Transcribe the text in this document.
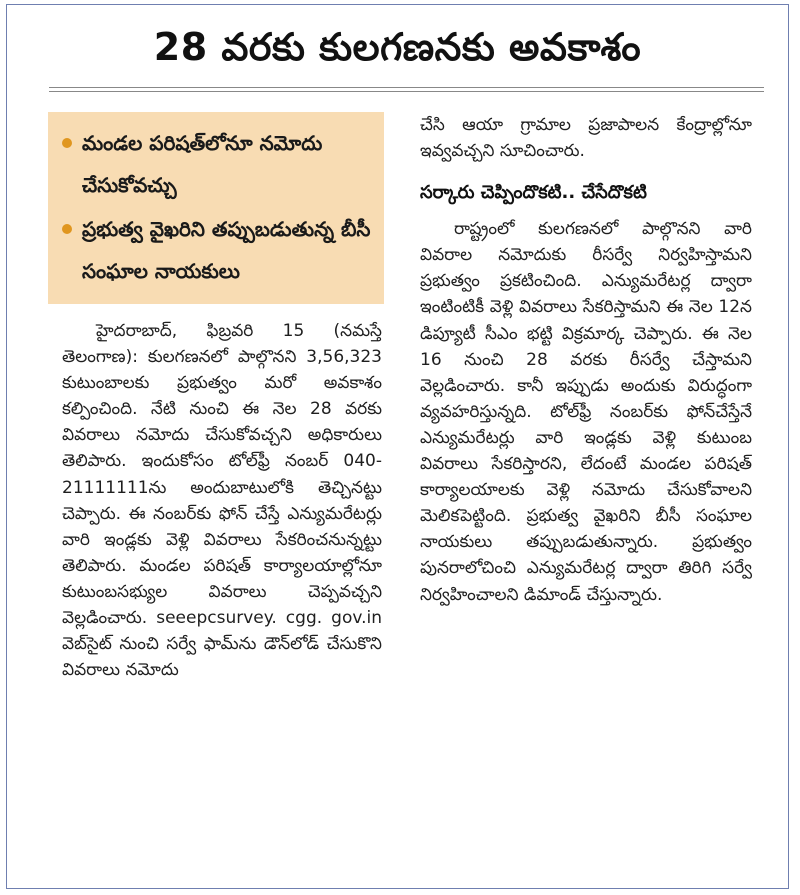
28 వరకు కులగణనకు అవకాశం
మండల పరిషత్‌లోనూ నమోదు చేసుకోవచ్చు
ప్రభుత్వ వైఖరిని తప్పుబడుతున్న బీసీ సంఘాల నాయకులు

హైదరాబాద్, ఫిబ్రవరి 15 (నమస్తే తెలంగాణ): కులగణనలో పాల్గొనని 3,56,323 కుటుంబాలకు ప్రభుత్వం మరో అవకాశం కల్పించింది. నేటి నుంచి ఈ నెల 28 వరకు వివరాలు నమోదు చేసుకోవచ్చని అధికారులు తెలిపారు. ఇందుకోసం టోల్‌ఫ్రీ నంబర్ 040-21111111ను అందుబాటులోకి తెచ్చినట్టు చెప్పారు. ఈ నంబర్‌కు ఫోన్ చేస్తే ఎన్యుమరేటర్లు వారి ఇండ్లకు వెళ్లి వివరాలు సేకరించనున్నట్టు తెలిపారు. మండల పరిషత్ కార్యాలయాల్లోనూ కుటుంబసభ్యుల వివరాలు చెప్పవచ్చని వెల్లడించారు. seeepcsurvey. cgg. gov.in వెబ్‌సైట్ నుంచి సర్వే ఫామ్‌ను డౌన్‌లోడ్ చేసుకొని వివరాలు నమోదు

చేసి ఆయా గ్రామాల ప్రజాపాలన కేంద్రాల్లోనూ ఇవ్వవచ్చని సూచించారు.

సర్కారు చెప్పిందొకటి.. చేసేదొకటి

రాష్ట్రంలో కులగణనలో పాల్గొనని వారి వివరాల నమోదుకు రీసర్వే నిర్వహిస్తామని ప్రభుత్వం ప్రకటించింది. ఎన్యుమరేటర్ల ద్వారా ఇంటింటికీ వెళ్లి వివరాలు సేకరిస్తామని ఈ నెల 12న డిప్యూటీ సీఎం భట్టి విక్రమార్క చెప్పారు. ఈ నెల 16 నుంచి 28 వరకు రీసర్వే చేస్తామని వెల్లడించారు. కానీ ఇప్పుడు అందుకు విరుద్ధంగా వ్యవహరిస్తున్నది. టోల్‌ఫ్రీ నంబర్‌కు ఫోన్‌చేస్తేనే ఎన్యుమరేటర్లు వారి ఇండ్లకు వెళ్లి కుటుంబ వివరాలు సేకరిస్తారని, లేదంటే మండల పరిషత్ కార్యాలయాలకు వెళ్లి నమోదు చేసుకోవాలని మెలికపెట్టింది. ప్రభుత్వ వైఖరిని బీసీ సంఘాల నాయకులు తప్పుబడుతున్నారు. ప్రభుత్వం పునరాలోచించి ఎన్యుమరేటర్ల ద్వారా తిరిగి సర్వే నిర్వహించాలని డిమాండ్ చేస్తున్నారు.
